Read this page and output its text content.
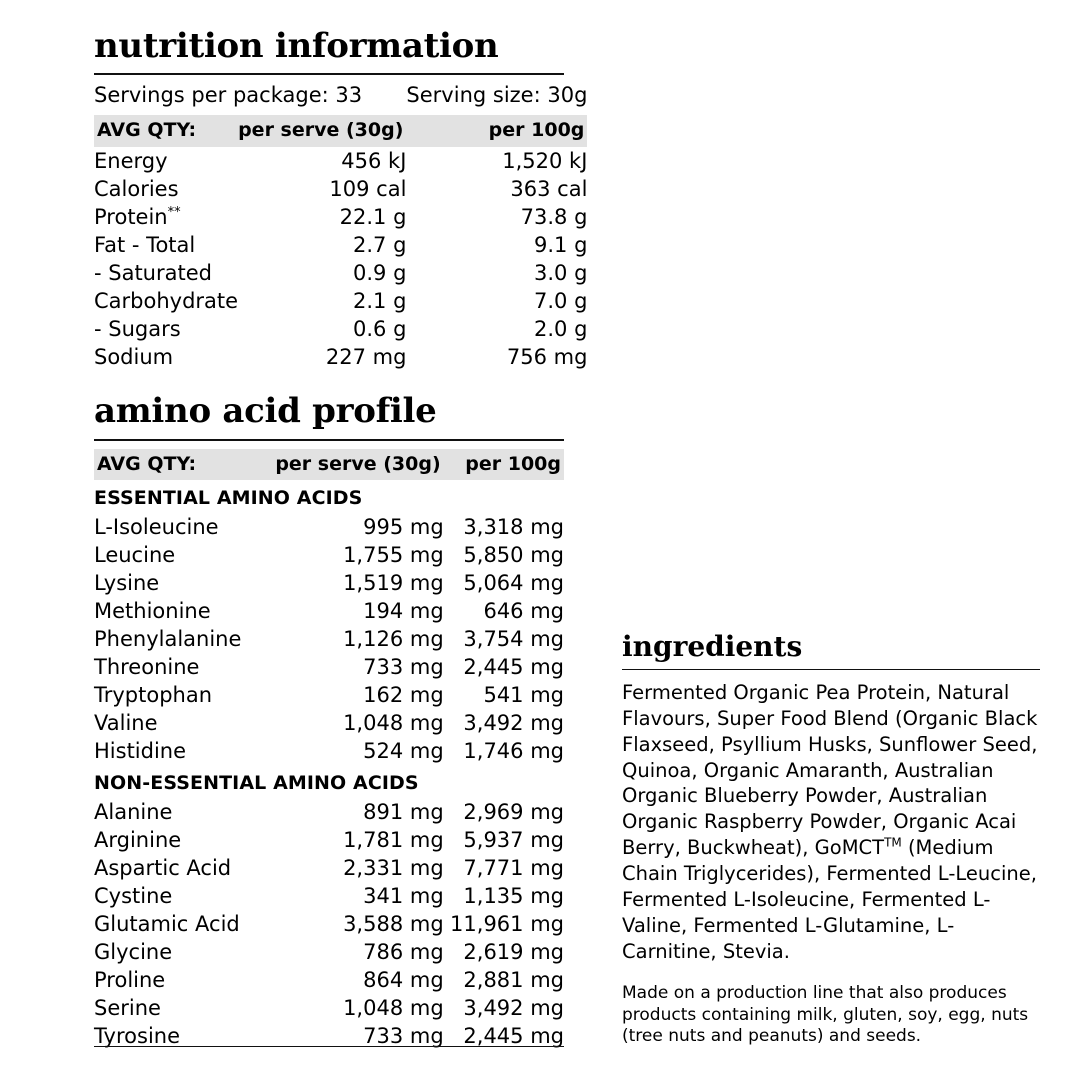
nutrition information
Servings per package: 33		Serving size: 30g
AVG QTY:	per serve (30g)	per 100g
Energy	456 kJ	1,520 kJ
Calories	109 cal	363 cal
Protein**	22.1 g	73.8 g
Fat - Total	2.7 g	9.1 g
- Saturated	0.9 g	3.0 g
Carbohydrate	2.1 g	7.0 g
- Sugars	0.6 g	2.0 g
Sodium	227 mg	756 mg
amino acid profile

AVG QTY:	per serve (30g)	per 100g
ESSENTIAL AMINO ACIDS		
L-Isoleucine	995 mg	3,318 mg
Leucine	1,755 mg	5,850 mg
Lysine	1,519 mg	5,064 mg
Methionine	194 mg	646 mg
Phenylalanine	1,126 mg	3,754 mg
Threonine	733 mg	2,445 mg
Tryptophan	162 mg	541 mg
Valine	1,048 mg	3,492 mg
Histidine	524 mg	1,746 mg
NON-ESSENTIAL AMINO ACIDS		
Alanine	891 mg	2,969 mg
Arginine	1,781 mg	5,937 mg
Aspartic Acid	2,331 mg	7,771 mg
Cystine	341 mg	1,135 mg
Glutamic Acid	3,588 mg	11,961 mg
Glycine	786 mg	2,619 mg
Proline	864 mg	2,881 mg
Serine	1,048 mg	3,492 mg
Tyrosine	733 mg	2,445 mg
ingredients

Fermented Organic Pea Protein, Natural Flavours, Super Food Blend (Organic Black Flaxseed, Psyllium Husks, Sunflower Seed, Quinoa, Organic Amaranth, Australian Organic Blueberry Powder, Australian Organic Raspberry Powder, Organic Acai Berry, Buckwheat), GoMCT™ (Medium Chain Triglycerides), Fermented L-Leucine, Fermented L-Isoleucine, Fermented L-Valine, Fermented L-Glutamine, L-Carnitine, Stevia.

Made on a production line that also produces products containing milk, gluten, soy, egg, nuts (tree nuts and peanuts) and seeds.
